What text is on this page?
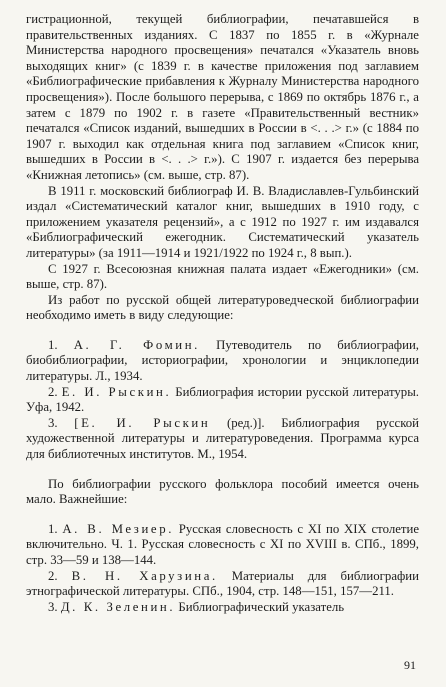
гистрационной, текущей библиографии, печатавшейся в правительственных изданиях. С 1837 по 1855 г. в «Журнале Министерства народного просвещения» печатался «Указатель вновь выходящих книг» (с 1839 г. в качестве приложения под заглавием «Библиографические прибавления к Журналу Министерства народного просвещения»). После большого перерыва, с 1869 по октябрь 1876 г., а затем с 1879 по 1902 г. в газете «Правительственный вестник» печатался «Список изданий, вышедших в России в <. . .> г.» (с 1884 по 1907 г. выходил как отдельная книга под заглавием «Список книг, вышедших в России в <. . .> г.»). С 1907 г. издается без перерыва «Книжная летопись» (см. выше, стр. 87).

В 1911 г. московский библиограф И. В. Владиславлев-Гульбинский издал «Систематический каталог книг, вышедших в 1910 году, с приложением указателя рецензий», а с 1912 по 1927 г. им издавался «Библиографический ежегодник. Систематический указатель литературы» (за 1911—1914 и 1921/1922 по 1924 г., 8 вып.).

С 1927 г. Всесоюзная книжная палата издает «Ежегодники» (см. выше, стр. 87).

Из работ по русской общей литературоведческой библиографии необходимо иметь в виду следующие:

1. А. Г. Фомин. Путеводитель по библиографии, биобиблиографии, историографии, хронологии и энциклопедии литературы. Л., 1934.

2. Е. И. Рыскин. Библиография истории русской литературы. Уфа, 1942.

3. [Е. И. Рыскин (ред.)]. Библиография русской художественной литературы и литературоведения. Программа курса для библиотечных институтов. М., 1954.

По библиографии русского фольклора пособий имеется очень мало. Важнейшие:

1. А. В. Мезиер. Русская словесность с XI по XIX столетие включительно. Ч. 1. Русская словесность с XI по XVIII в. СПб., 1899, стр. 33—59 и 138—144.

2. В. Н. Харузина. Материалы для библиографии этнографической литературы. СПб., 1904, стр. 148—151, 157—211.

3. Д. К. Зеленин. Библиографический указатель

91
